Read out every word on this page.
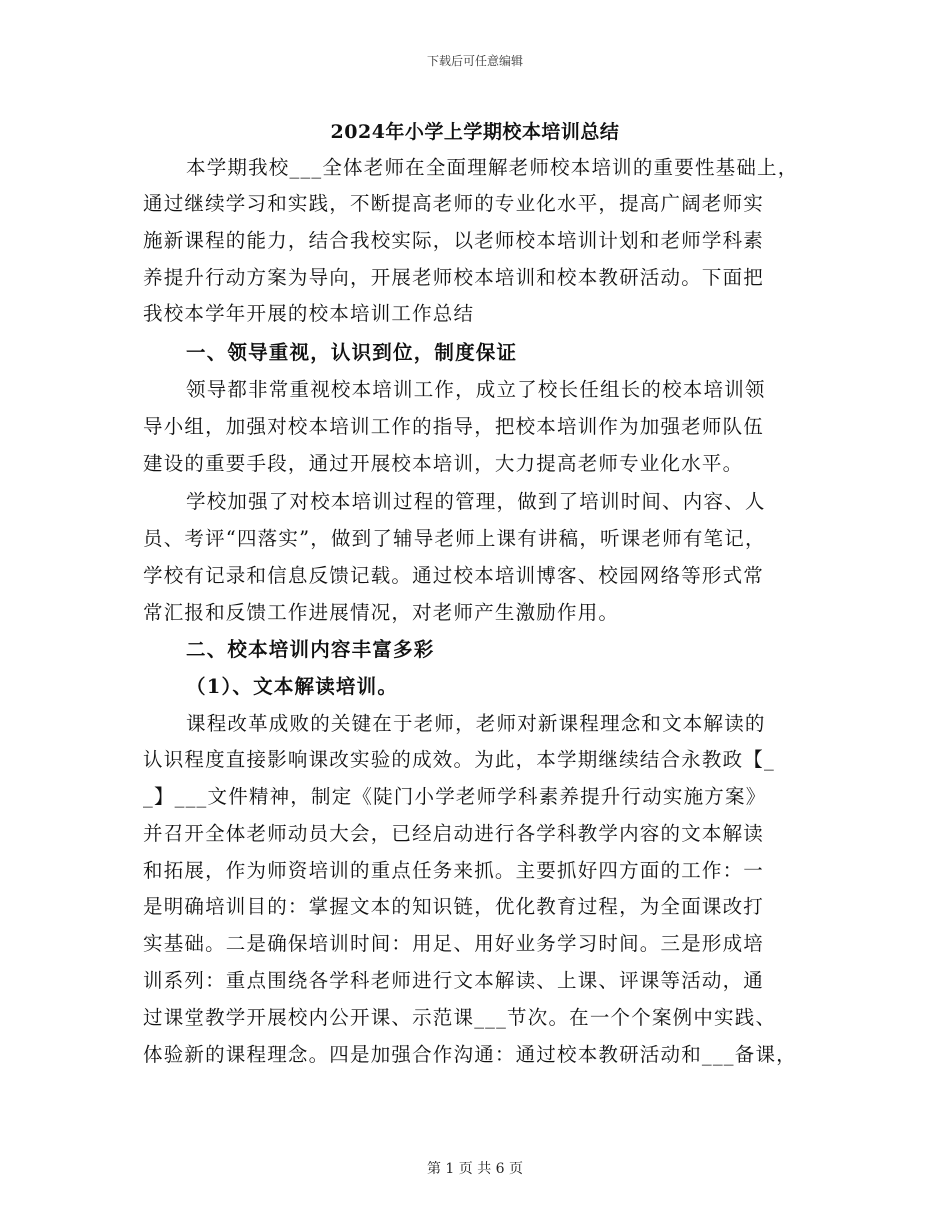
下载后可任意编辑
2024年小学上学期校本培训总结
本学期我校___全体老师在全面理解老师校本培训的重要性基础上，
通过继续学习和实践，不断提高老师的专业化水平，提高广阔老师实
施新课程的能力，结合我校实际，以老师校本培训计划和老师学科素
养提升行动方案为导向，开展老师校本培训和校本教研活动。下面把
我校本学年开展的校本培训工作总结
一、领导重视，认识到位，制度保证
领导都非常重视校本培训工作，成立了校长任组长的校本培训领
导小组，加强对校本培训工作的指导，把校本培训作为加强老师队伍
建设的重要手段，通过开展校本培训，大力提高老师专业化水平。
学校加强了对校本培训过程的管理，做到了培训时间、内容、人
员、考评“四落实”，做到了辅导老师上课有讲稿，听课老师有笔记，
学校有记录和信息反馈记载。通过校本培训博客、校园网络等形式常
常汇报和反馈工作进展情况，对老师产生激励作用。
二、校本培训内容丰富多彩
（1）、文本解读培训。
课程改革成败的关键在于老师，老师对新课程理念和文本解读的
认识程度直接影响课改实验的成效。为此，本学期继续结合永教政【_
_】___文件精神，制定《陡门小学老师学科素养提升行动实施方案》
并召开全体老师动员大会，已经启动进行各学科教学内容的文本解读
和拓展，作为师资培训的重点任务来抓。主要抓好四方面的工作：一
是明确培训目的：掌握文本的知识链，优化教育过程，为全面课改打
实基础。二是确保培训时间：用足、用好业务学习时间。三是形成培
训系列：重点围绕各学科老师进行文本解读、上课、评课等活动，通
过课堂教学开展校内公开课、示范课___节次。在一个个案例中实践、
体验新的课程理念。四是加强合作沟通：通过校本教研活动和___备课，
第 1 页 共 6 页
